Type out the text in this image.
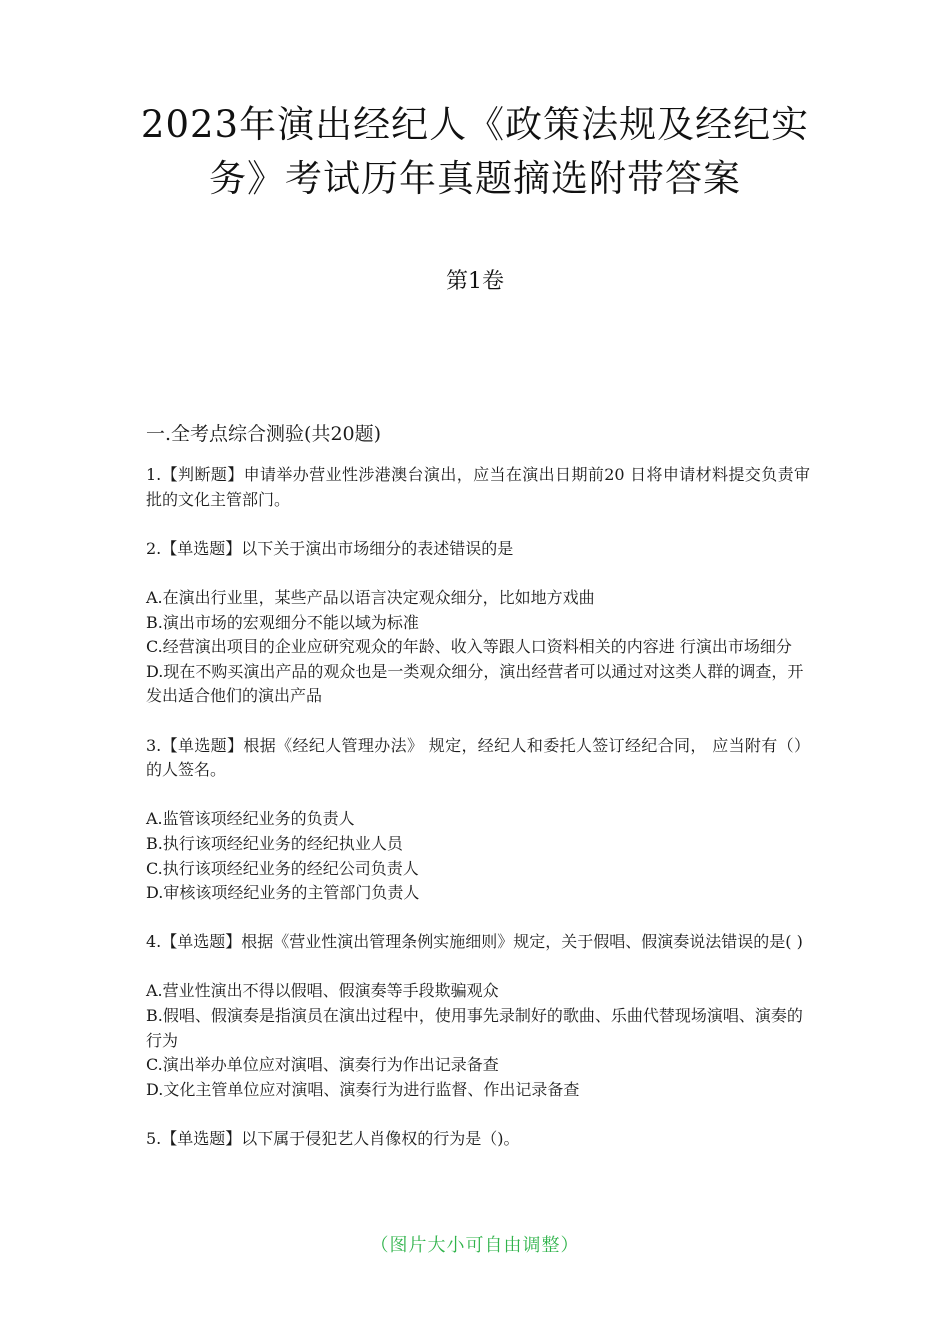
2023年演出经纪人《政策法规及经纪实
务》考试历年真题摘选附带答案
第1卷
一.全考点综合测验(共20题)

1.【判断题】申请举办营业性涉港澳台演出，应当在演出日期前20 日将申请材料提交负责审批的文化主管部门。

2.【单选题】以下关于演出市场细分的表述错误的是

A.在演出行业里，某些产品以语言决定观众细分，比如地方戏曲
B.演出市场的宏观细分不能以域为标准
C.经营演出项目的企业应研究观众的年龄、收入等跟人口资料相关的内容进 行演出市场细分
D.现在不购买演出产品的观众也是一类观众细分，演出经营者可以通过对这类人群的调查，开发出适合他们的演出产品

3.【单选题】根据《经纪人管理办法》 规定，经纪人和委托人签订经纪合同， 应当附有（）的人签名。

A.监管该项经纪业务的负责人
B.执行该项经纪业务的经纪执业人员
C.执行该项经纪业务的经纪公司负责人
D.审核该项经纪业务的主管部门负责人

4.【单选题】根据《营业性演出管理条例实施细则》规定，关于假唱、假演奏说法错误的是( )

A.营业性演出不得以假唱、假演奏等手段欺骗观众
B.假唱、假演奏是指演员在演出过程中，使用事先录制好的歌曲、乐曲代替现场演唱、演奏的行为
C.演出举办单位应对演唱、演奏行为作出记录备查
D.文化主管单位应对演唱、演奏行为进行监督、作出记录备查

5.【单选题】以下属于侵犯艺人肖像权的行为是（)。

（图片大小可自由调整）
